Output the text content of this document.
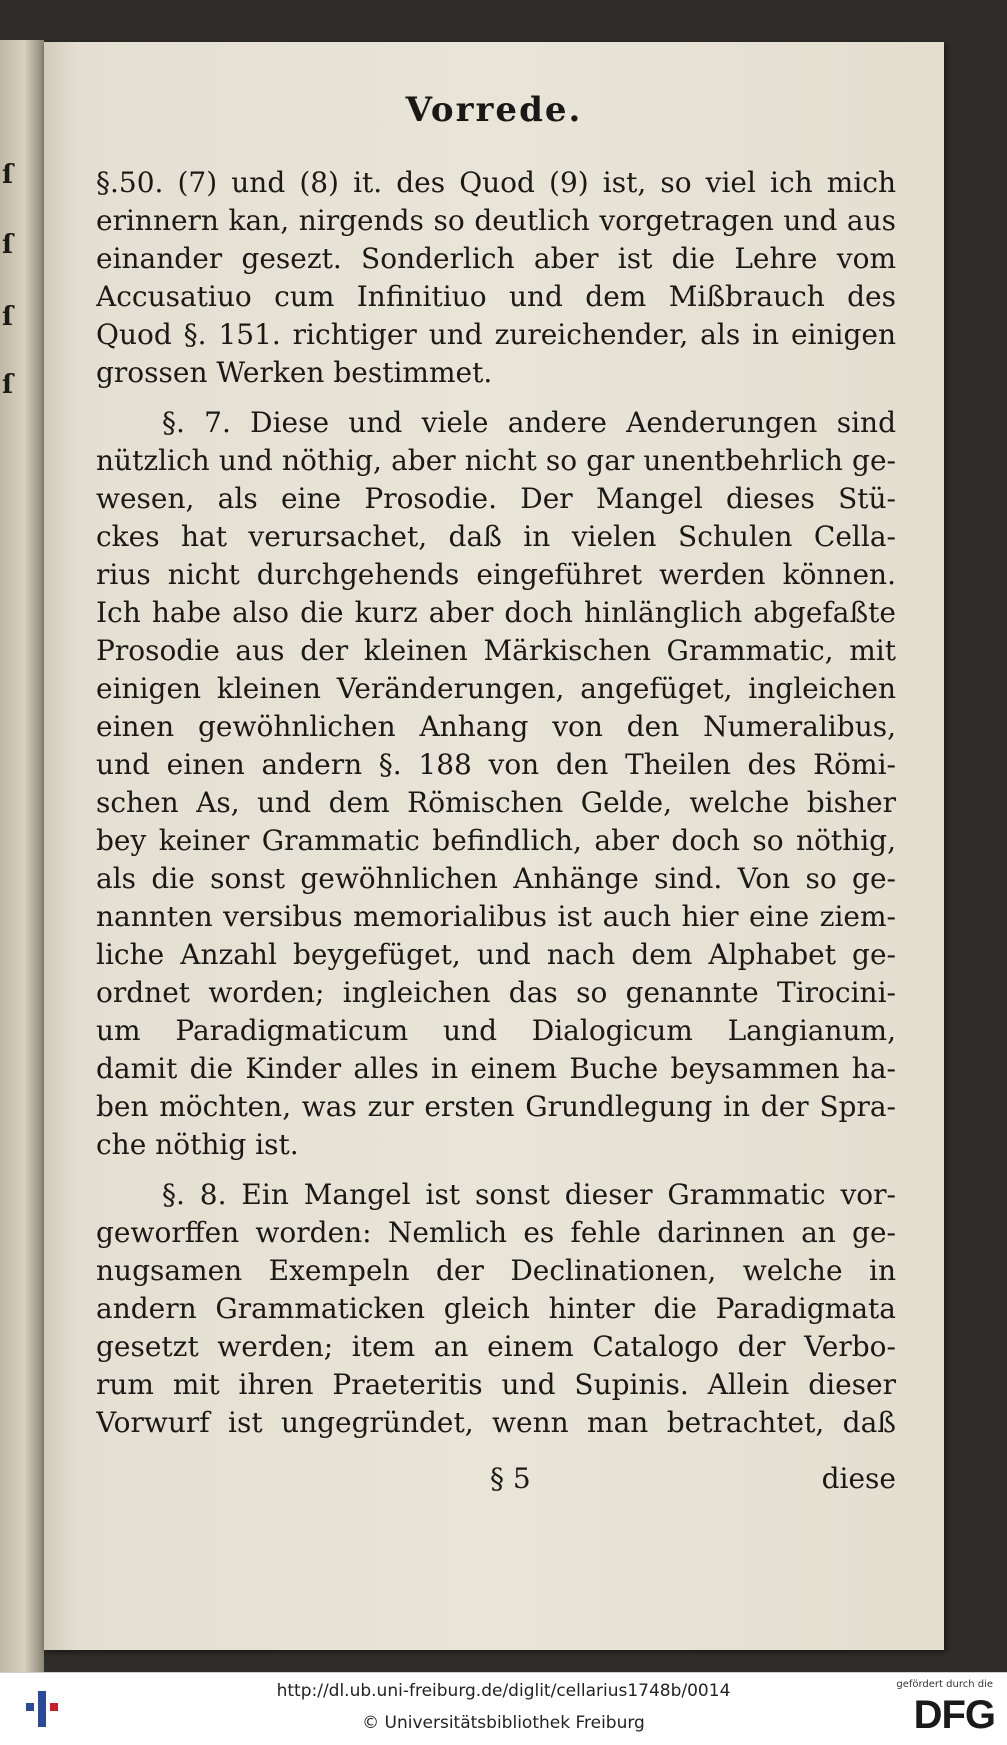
ſ
ſ
ſ
ſ
Vorrede.
§.50. (7) und (8) it. des Quod (9) ist, so viel ich mich
erinnern kan, nirgends so deutlich vorgetragen und aus
einander gesezt. Sonderlich aber ist die Lehre vom
Accusatiuo cum Infinitiuo und dem Mißbrauch des
Quod §. 151. richtiger und zureichender, als in einigen
grossen Werken bestimmet.
§. 7. Diese und viele andere Aenderungen sind
nützlich und nöthig, aber nicht so gar unentbehrlich ge-
wesen, als eine Prosodie. Der Mangel dieses Stü-
ckes hat verursachet, daß in vielen Schulen Cella-
rius nicht durchgehends eingeführet werden können.
Ich habe also die kurz aber doch hinlänglich abgefaßte
Prosodie aus der kleinen Märkischen Grammatic, mit
einigen kleinen Veränderungen, angefüget, ingleichen
einen gewöhnlichen Anhang von den Numeralibus,
und einen andern §. 188 von den Theilen des Römi-
schen As, und dem Römischen Gelde, welche bisher
bey keiner Grammatic befindlich, aber doch so nöthig,
als die sonst gewöhnlichen Anhänge sind. Von so ge-
nannten versibus memorialibus ist auch hier eine ziem-
liche Anzahl beygefüget, und nach dem Alphabet ge-
ordnet worden; ingleichen das so genannte Tirocini-
um Paradigmaticum und Dialogicum Langianum,
damit die Kinder alles in einem Buche beysammen ha-
ben möchten, was zur ersten Grundlegung in der Spra-
che nöthig ist.
§. 8. Ein Mangel ist sonst dieser Grammatic vor-
geworffen worden: Nemlich es fehle darinnen an ge-
nugsamen Exempeln der Declinationen, welche in
andern Grammaticken gleich hinter die Paradigmata
gesetzt werden; item an einem Catalogo der Verbo-
rum mit ihren Praeteritis und Supinis. Allein dieser
Vorwurf ist ungegründet, wenn man betrachtet, daß
§ 5	diese
http://dl.ub.uni-freiburg.de/diglit/cellarius1748b/0014
© Universitätsbibliothek Freiburg
gefördert durch die
DFG
